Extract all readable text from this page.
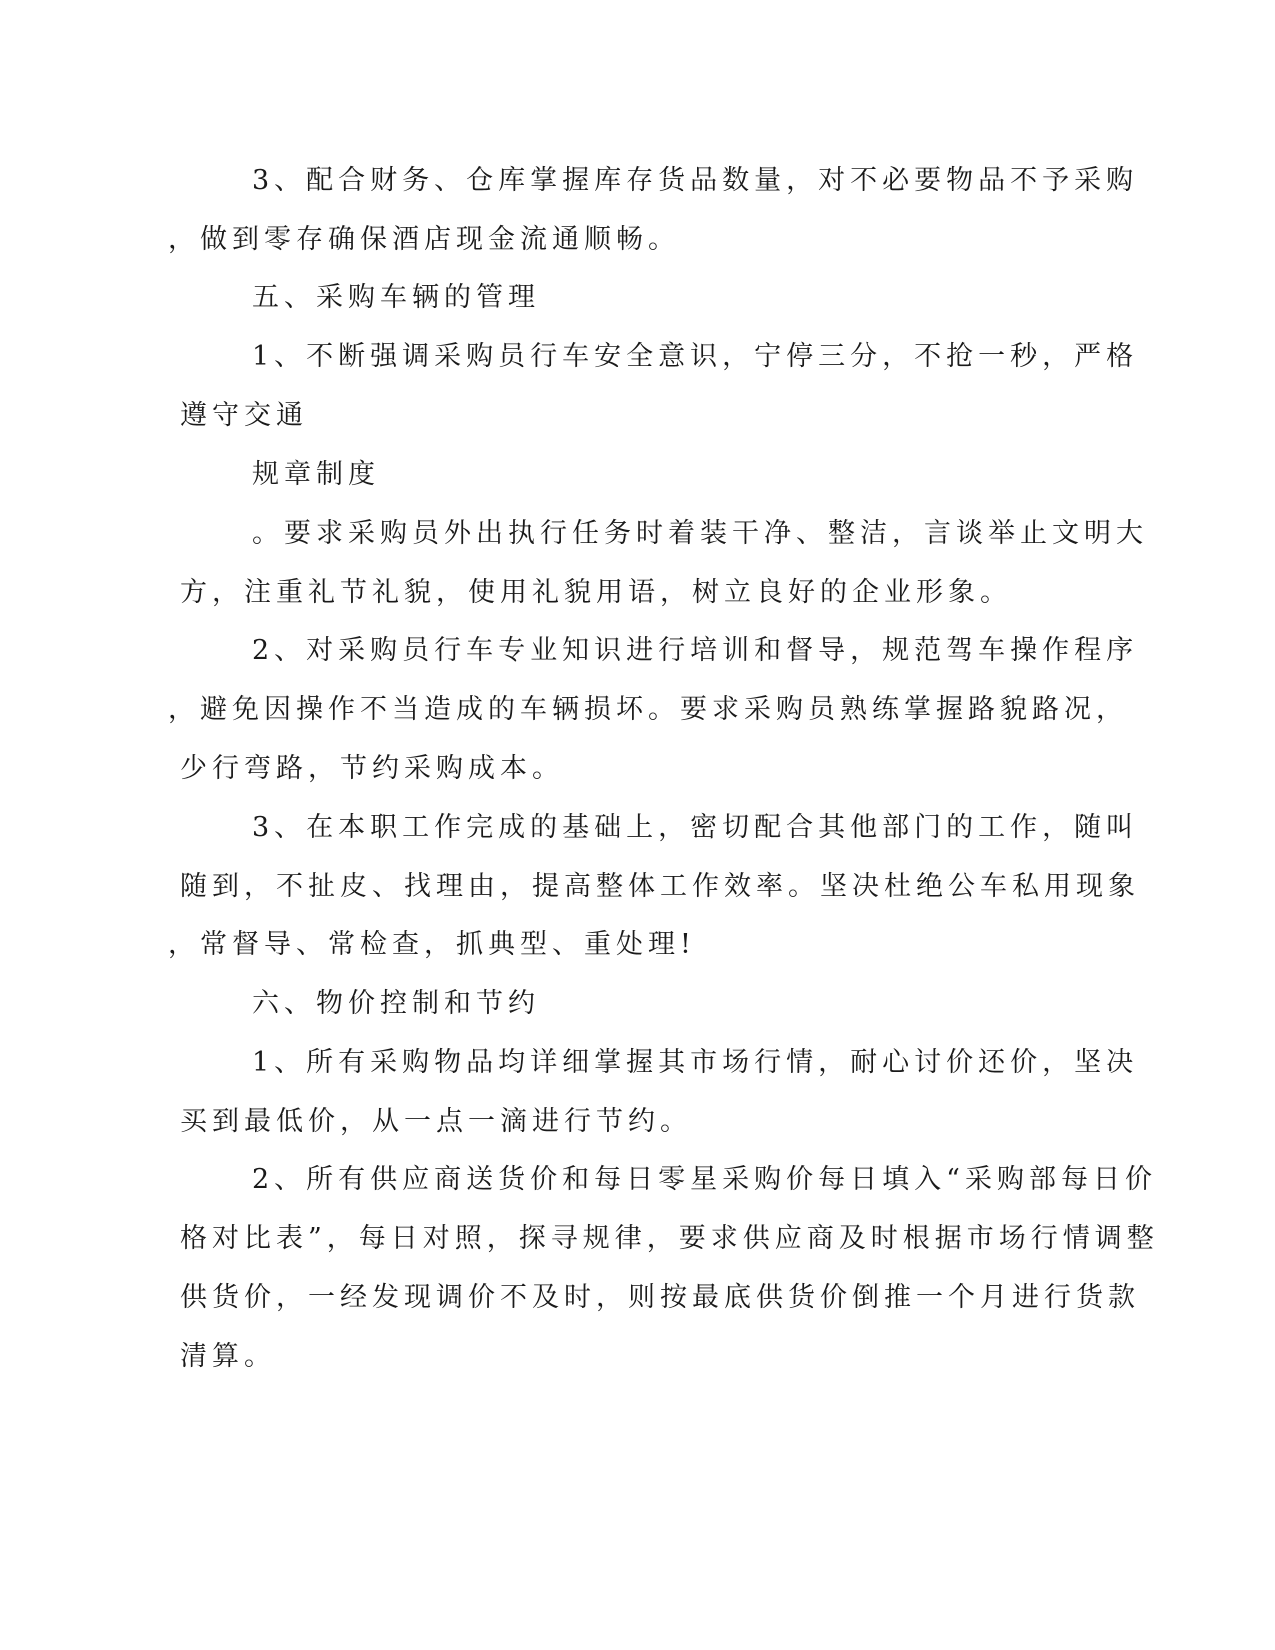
3、配合财务、仓库掌握库存货品数量，对不必要物品不予采购
，做到零存确保酒店现金流通顺畅。
五、采购车辆的管理
1、不断强调采购员行车安全意识，宁停三分，不抢一秒，严格
遵守交通
规章制度
。要求采购员外出执行任务时着装干净、整洁，言谈举止文明大
方，注重礼节礼貌，使用礼貌用语，树立良好的企业形象。
2、对采购员行车专业知识进行培训和督导，规范驾车操作程序
，避免因操作不当造成的车辆损坏。要求采购员熟练掌握路貌路况，
少行弯路，节约采购成本。
3、在本职工作完成的基础上，密切配合其他部门的工作，随叫
随到，不扯皮、找理由，提高整体工作效率。坚决杜绝公车私用现象
，常督导、常检查，抓典型、重处理!
六、物价控制和节约
1、所有采购物品均详细掌握其市场行情，耐心讨价还价，坚决
买到最低价，从一点一滴进行节约。
2、所有供应商送货价和每日零星采购价每日填入“采购部每日价
格对比表”，每日对照，探寻规律，要求供应商及时根据市场行情调整
供货价，一经发现调价不及时，则按最底供货价倒推一个月进行货款
清算。
